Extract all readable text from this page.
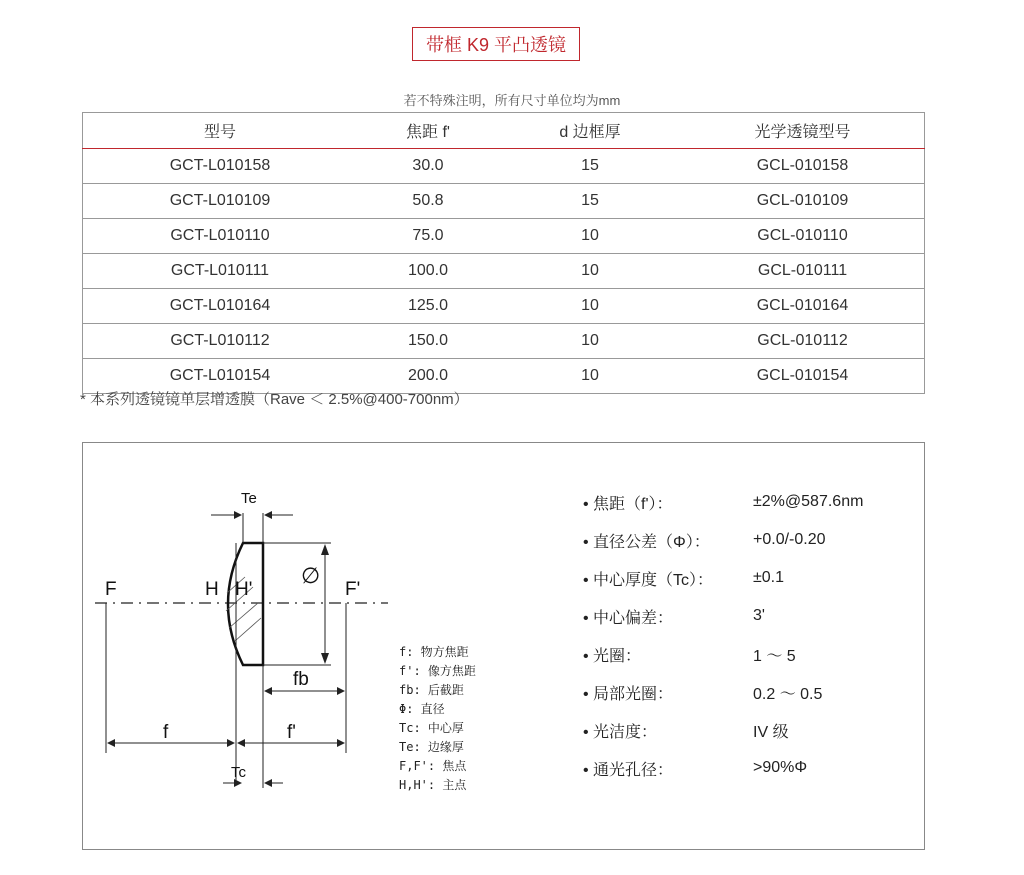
带框 K9 平凸透镜
若不特殊注明，所有尺寸单位均为mm
型号	焦距 f'	d 边框厚	光学透镜型号
GCT-L010158	30.0	15	GCL-010158
GCT-L010109	50.8	15	GCL-010109
GCT-L010110	75.0	10	GCL-010110
GCT-L010111	100.0	10	GCL-010111
GCT-L010164	125.0	10	GCL-010164
GCT-L010112	150.0	10	GCL-010112
GCT-L010154	200.0	10	GCL-010154
* 本系列透镜镜单层增透膜（Rave ＜ 2.5%@400-700nm）
Te
∅
F	H H'	F'
fb
f	f'
Tc
f: 物方焦距
f': 像方焦距
fb: 后截距
Φ: 直径
Tc: 中心厚
Te: 边缘厚
F,F': 焦点
H,H': 主点
• 焦距（f'）：	±2%@587.6nm
• 直径公差（Φ）：	+0.0/-0.20
• 中心厚度（Tc）：	±0.1
• 中心偏差：	3'
• 光圈：	1 ～ 5
• 局部光圈：	0.2 ～ 0.5
• 光洁度：	IV 级
• 通光孔径：	>90%Φ
